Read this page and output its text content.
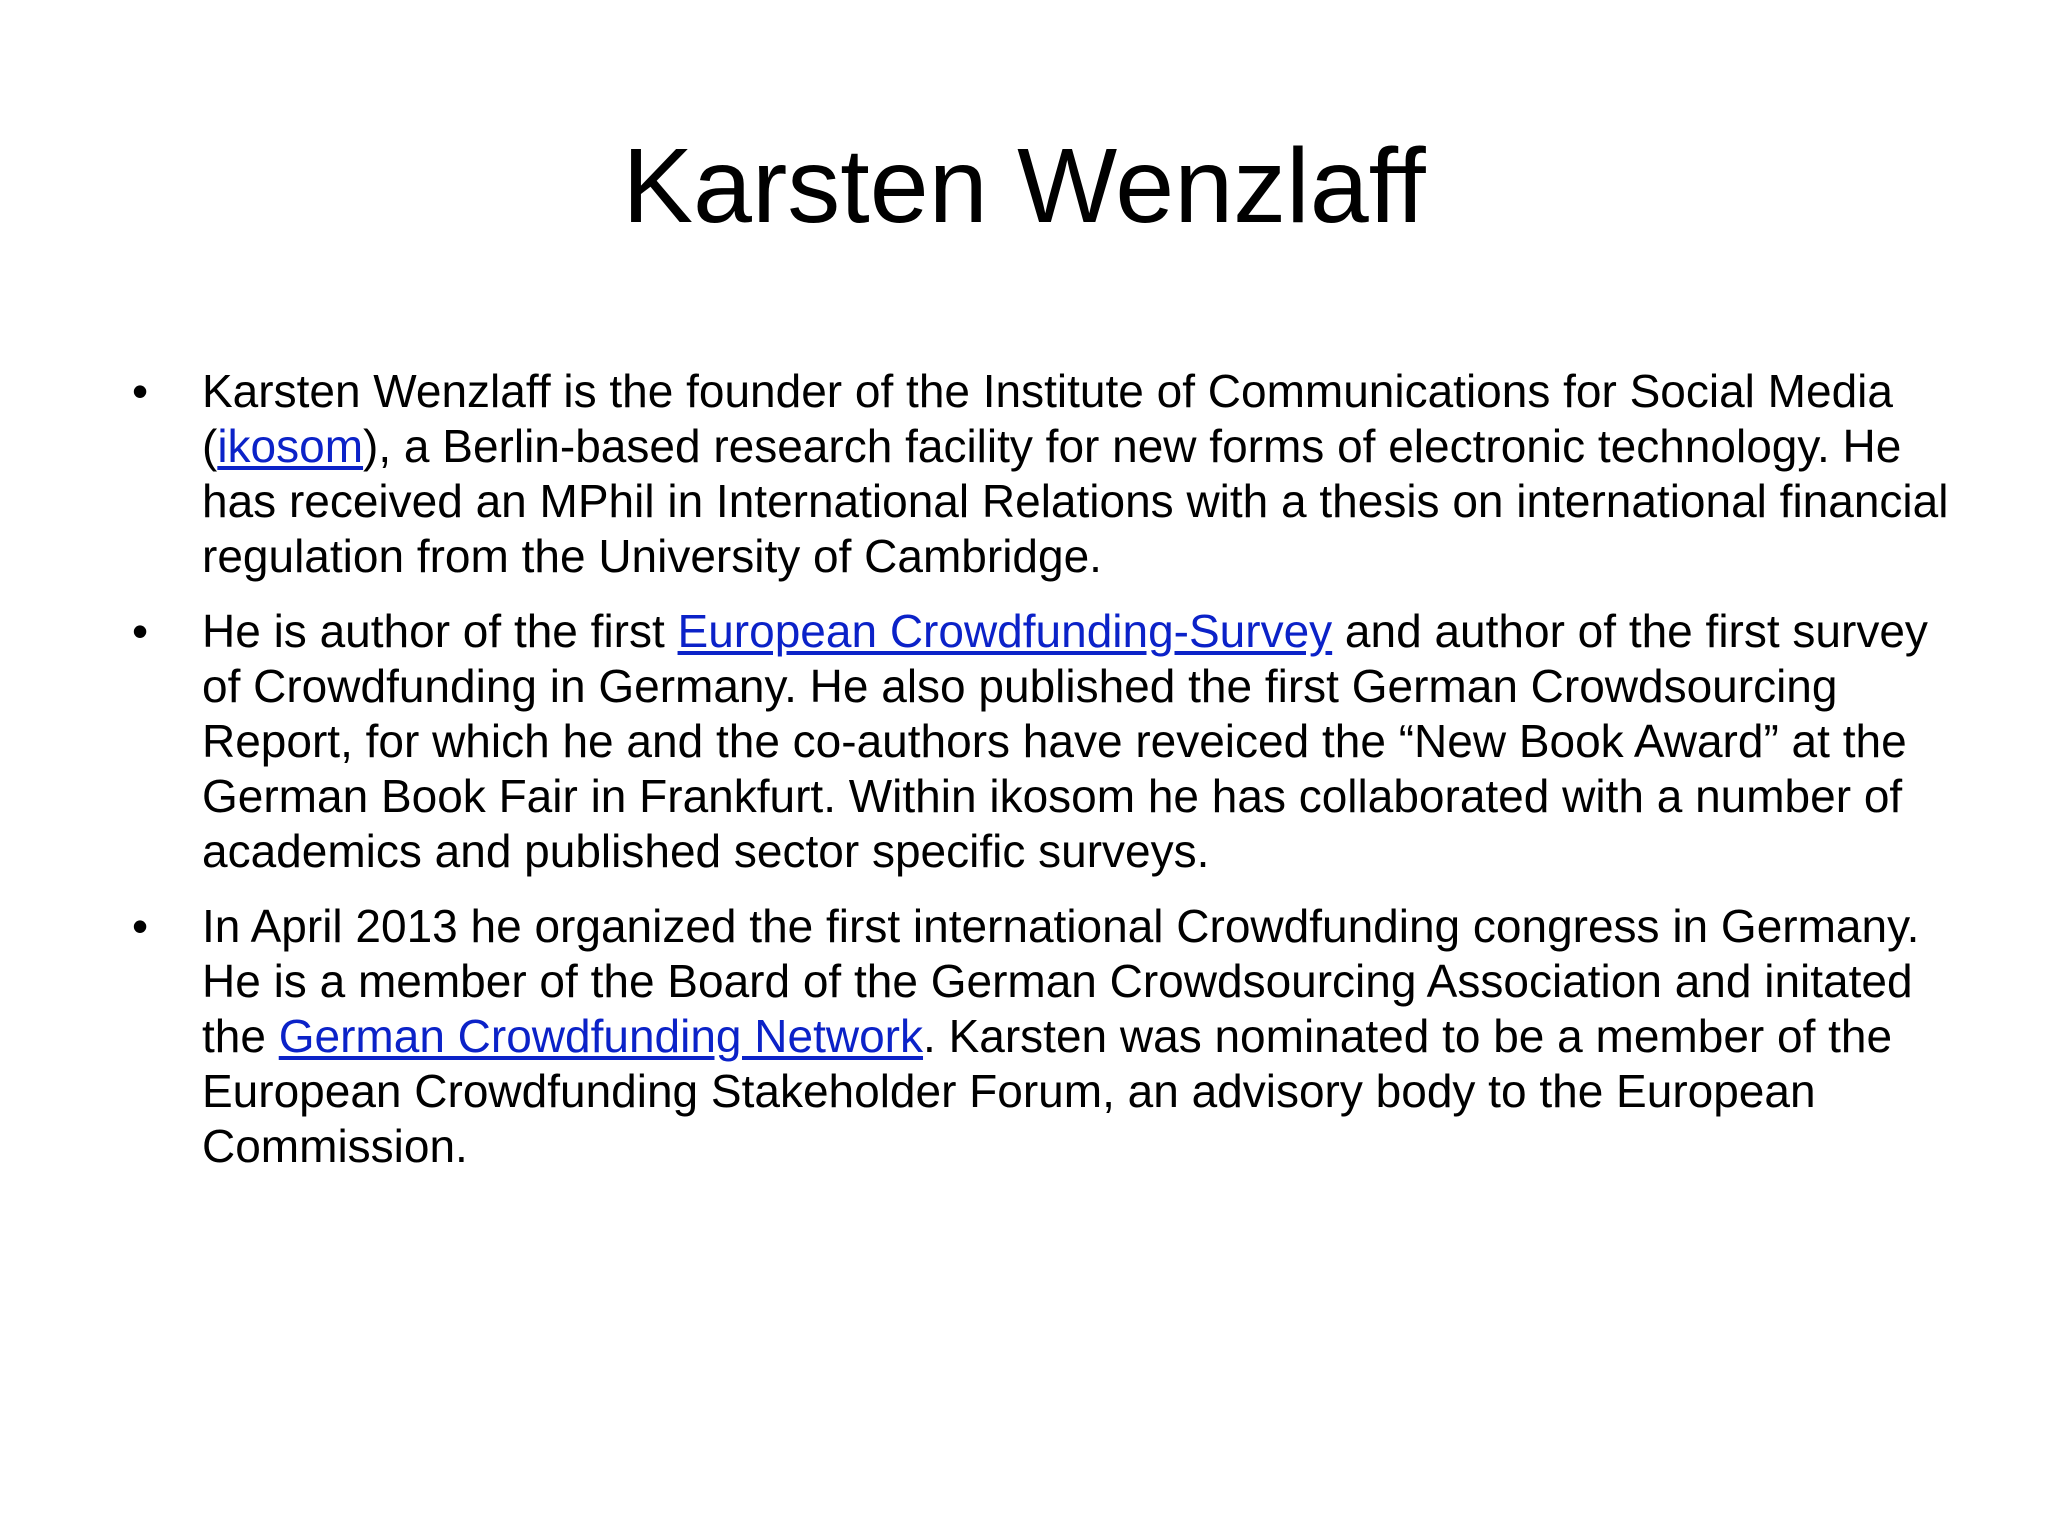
Karsten Wenzlaff
• Karsten Wenzlaff is the founder of the Institute of Communications for Social Media (ikosom), a Berlin-based research facility for new forms of electronic technology. He has received an MPhil in International Relations with a thesis on international financial regulation from the University of Cambridge.
• He is author of the first European Crowdfunding-Survey and author of the first survey of Crowdfunding in Germany. He also published the first German Crowdsourcing Report, for which he and the co-authors have reveiced the “New Book Award” at the German Book Fair in Frankfurt. Within ikosom he has collaborated with a number of academics and published sector specific surveys.
• In April 2013 he organized the first international Crowdfunding congress in Germany. He is a member of the Board of the German Crowdsourcing Association and initated the German Crowdfunding Network. Karsten was nominated to be a member of the European Crowdfunding Stakeholder Forum, an advisory body to the European Commission.
